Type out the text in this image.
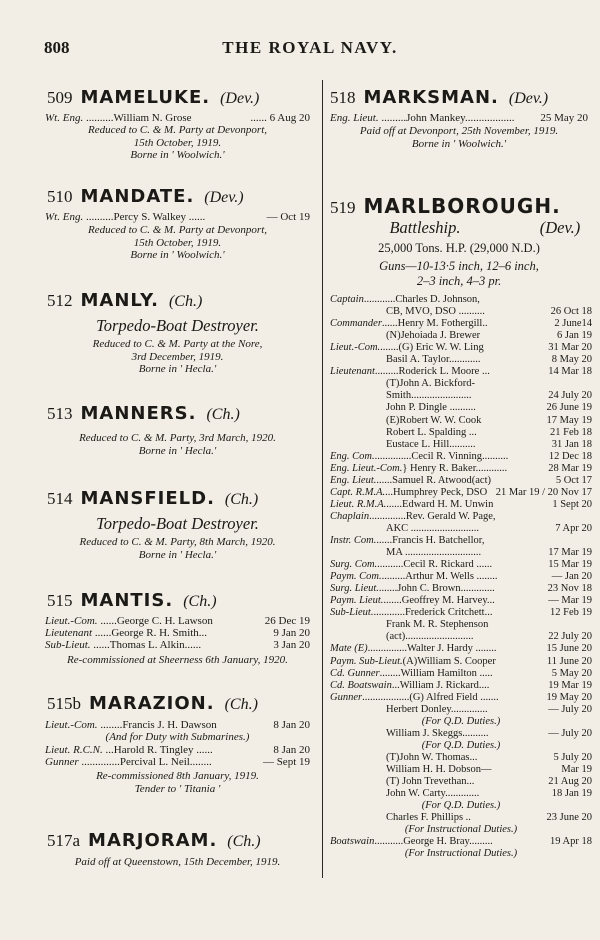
808	THE ROYAL NAVY.
509 MAMELUKE. (Dev.)
Wt. Eng. ..........William N. Grose	...... 6 Aug 20
Reduced to C. & M. Party at Devonport,
15th October, 1919.
Borne in ' Woolwich.'
510 MANDATE. (Dev.)
Wt. Eng. ..........Percy S. Walkey ......	— Oct 19
Reduced to C. & M. Party at Devonport,
15th October, 1919.
Borne in ' Woolwich.'
512 MANLY. (Ch.)
Torpedo-Boat Destroyer.
Reduced to C. & M. Party at the Nore,
3rd December, 1919.
Borne in ' Hecla.'
513 MANNERS. (Ch.)
Reduced to C. & M. Party, 3rd March, 1920.
Borne in ' Hecla.'
514 MANSFIELD. (Ch.)
Torpedo-Boat Destroyer.
Reduced to C. & M. Party, 8th March, 1920.
Borne in ' Hecla.'
515 MANTIS. (Ch.)
Lieut.-Com. ......George C. H. Lawson	26 Dec 19
Lieutenant ......George R. H. Smith...	9 Jan 20
Sub-Lieut. ......Thomas L. Alkin......	3 Jan 20
Re-commissioned at Sheerness 6th January, 1920.
515b MARAZION. (Ch.)
Lieut.-Com. ........Francis J. H. Dawson	8 Jan 20
(And for Duty with Submarines.)
Lieut. R.C.N. ...Harold R. Tingley ......	8 Jan 20
Gunner ..............Percival L. Neil........	— Sept 19
Re-commissioned 8th January, 1919.
Tender to ' Titania '
517a MARJORAM. (Ch.)
Paid off at Queenstown, 15th December, 1919.
518 MARKSMAN. (Dev.)
Eng. Lieut. .........John Mankey.................. 25 May 20
Paid off at Devonport, 25th November, 1919.
Borne in ' Woolwich.'
519 MARLBOROUGH.
Battleship.	(Dev.)
25,000 Tons. H.P. (29,000 N.D.)
Guns—10-13·5 inch, 12–6 inch,
2–3 inch, 4–3 pr.
Captain............Charles D. Johnson,
CB, MVO, DSO ..........	26 Oct 18
Commander......Henry M. Fothergill..	2 June14
(N)Jehoiada J. Brewer	6 Jan 19
Lieut.-Com........(G) Eric W. W. Ling	31 Mar 20
Basil A. Taylor............	8 May 20
Lieutenant.........Roderick L. Moore ...	14 Mar 18
(T)John A. Bickford-
Smith.......................	24 July 20
John P. Dingle ..........	26 June 19
(E)Robert W. W. Cook	17 May 19
Robert L. Spalding ...	21 Feb 18
Eustace L. Hill..........	31 Jan 18
Eng. Com...............Cecil R. Vinning..........	12 Dec 18
Eng. Lieut.-Com.} Henry R. Baker............	28 Mar 19
Eng. Lieut.......Samuel R. Atwood(act)	5 Oct 17
Capt. R.M.A....Humphrey Peck, DSO 21 Mar 19 / 20 Nov 17
Lieut. R.M.A.......Edward H. M. Unwin	1 Sept 20
Chaplain..............Rev. Gerald W. Page,
AKC ..........................	7 Apr 20
Instr. Com.......Francis H. Batchellor,
MA .............................	17 Mar 19
Surg. Com...........Cecil R. Rickard ......	15 Mar 19
Paym. Com..........Arthur M. Wells ........	— Jan 20
Surg. Lieut........John C. Brown.............	23 Nov 18
Paym. Lieut........Geoffrey M. Harvey...	— Mar 19
Sub-Lieut.............Frederick Critchett...	12 Feb 19
Frank M. R. Stephenson
(act)..........................	22 July 20
Mate (E)...............Walter J. Hardy ........	15 June 20
Paym. Sub-Lieut.(A)William S. Cooper	11 June 20
Cd. Gunner........William Hamilton .....	5 May 20
Cd. Boatswain...William J. Rickard....	19 Mar 19
Gunner..................(G) Alfred Field .......	19 May 20
Herbert Donley..............	— July 20
(For Q.D. Duties.)
William J. Skeggs..........	— July 20
(For Q.D. Duties.)
(T)John W. Thomas...	5 July 20
William H. H. Dobson—	Mar 19
(T) John Trevethan...	21 Aug 20
John W. Carty.............	18 Jan 19
(For Q.D. Duties.)
Charles F. Phillips ..	23 June 20
(For Instructional Duties.)
Boatswain...........George H. Bray.........	19 Apr 18
(For Instructional Duties.)
